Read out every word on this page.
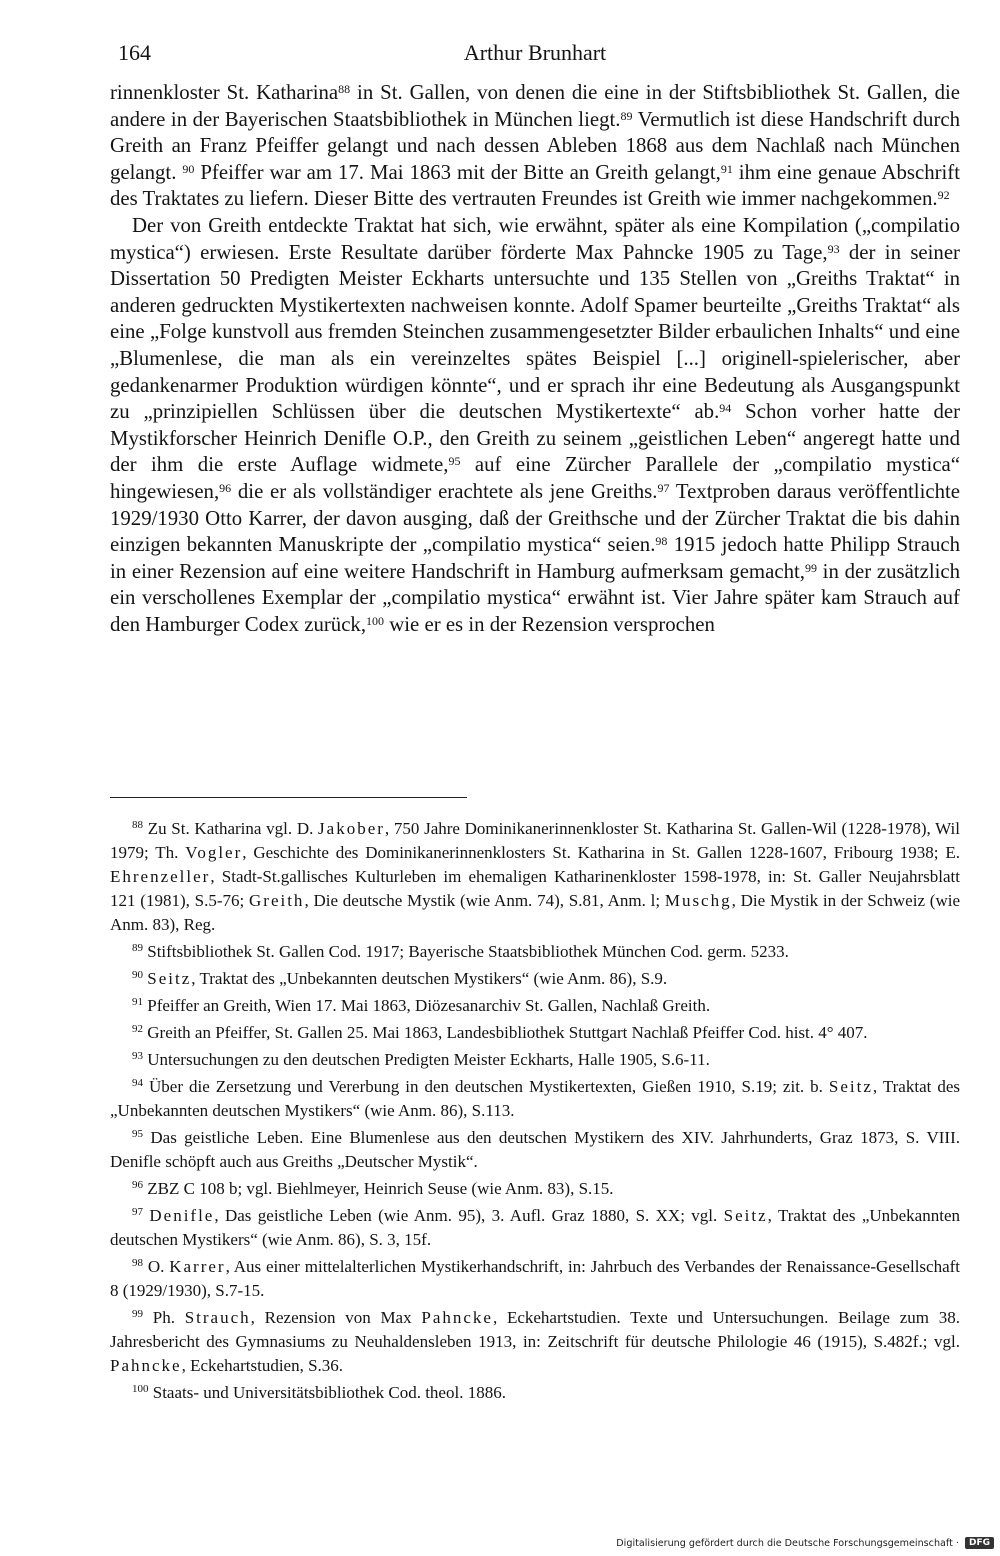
164	Arthur Brunhart

rinnenkloster St. Katharina$^{88}$ in St. Gallen, von denen die eine in der Stiftsbibliothek St. Gallen, die andere in der Bayerischen Staatsbibliothek in München liegt.$^{89}$ Vermutlich ist diese Handschrift durch Greith an Franz Pfeiffer gelangt und nach dessen Ableben 1868 aus dem Nachlaß nach München gelangt. $^{90}$ Pfeiffer war am 17. Mai 1863 mit der Bitte an Greith gelangt,$^{91}$ ihm eine genaue Abschrift des Traktates zu liefern. Dieser Bitte des vertrauten Freundes ist Greith wie immer nachgekommen.$^{92}$

Der von Greith entdeckte Traktat hat sich, wie erwähnt, später als eine Kompilation („compilatio mystica“) erwiesen. Erste Resultate darüber förderte Max Pahncke 1905 zu Tage,$^{93}$ der in seiner Dissertation 50 Predigten Meister Eckharts untersuchte und 135 Stellen von „Greiths Traktat“ in anderen gedruckten Mystikertexten nachweisen konnte. Adolf Spamer beurteilte „Greiths Traktat“ als eine „Folge kunstvoll aus fremden Steinchen zusammengesetzter Bilder erbaulichen Inhalts“ und eine „Blumenlese, die man als ein vereinzeltes spätes Beispiel [...] originell-spielerischer, aber gedankenarmer Produktion würdigen könnte“, und er sprach ihr eine Bedeutung als Ausgangspunkt zu „prinzipiellen Schlüssen über die deutschen Mystikertexte“ ab.$^{94}$ Schon vorher hatte der Mystikforscher Heinrich Denifle O.P., den Greith zu seinem „geistlichen Leben“ angeregt hatte und der ihm die erste Auflage widmete,$^{95}$ auf eine Zürcher Parallele der „compilatio mystica“ hingewiesen,$^{96}$ die er als vollständiger erachtete als jene Greiths.$^{97}$ Textproben daraus veröffentlichte 1929/1930 Otto Karrer, der davon ausging, daß der Greithsche und der Zürcher Traktat die bis dahin einzigen bekannten Manuskripte der „compilatio mystica“ seien.$^{98}$ 1915 jedoch hatte Philipp Strauch in einer Rezension auf eine weitere Handschrift in Hamburg aufmerksam gemacht,$^{99}$ in der zusätzlich ein verschollenes Exemplar der „compilatio mystica“ erwähnt ist. Vier Jahre später kam Strauch auf den Hamburger Codex zurück,$^{100}$ wie er es in der Rezension versprochen

$^{88}$ Zu St. Katharina vgl. D. Jakober, 750 Jahre Dominikanerinnenkloster St. Katharina St. Gallen-Wil (1228-1978), Wil 1979; Th. Vogler, Geschichte des Dominikanerinnenklosters St. Katharina in St. Gallen 1228-1607, Fribourg 1938; E. Ehrenzeller, Stadt-St.gallisches Kulturleben im ehemaligen Katharinenkloster 1598-1978, in: St. Galler Neujahrsblatt 121 (1981), S.5-76; Greith, Die deutsche Mystik (wie Anm. 74), S.81, Anm. l; Muschg, Die Mystik in der Schweiz (wie Anm. 83), Reg.

$^{89}$ Stiftsbibliothek St. Gallen Cod. 1917; Bayerische Staatsbibliothek München Cod. germ. 5233.

$^{90}$ Seitz, Traktat des „Unbekannten deutschen Mystikers“ (wie Anm. 86), S.9.

$^{91}$ Pfeiffer an Greith, Wien 17. Mai 1863, Diözesanarchiv St. Gallen, Nachlaß Greith.

$^{92}$ Greith an Pfeiffer, St. Gallen 25. Mai 1863, Landesbibliothek Stuttgart Nachlaß Pfeiffer Cod. hist. 4° 407.

$^{93}$ Untersuchungen zu den deutschen Predigten Meister Eckharts, Halle 1905, S.6-11.

$^{94}$ Über die Zersetzung und Vererbung in den deutschen Mystikertexten, Gießen 1910, S.19; zit. b. Seitz, Traktat des „Unbekannten deutschen Mystikers“ (wie Anm. 86), S.113.

$^{95}$ Das geistliche Leben. Eine Blumenlese aus den deutschen Mystikern des XIV. Jahrhunderts, Graz 1873, S. VIII. Denifle schöpft auch aus Greiths „Deutscher Mystik“.

$^{96}$ ZBZ C 108 b; vgl. Biehlmeyer, Heinrich Seuse (wie Anm. 83), S.15.

$^{97}$ Denifle, Das geistliche Leben (wie Anm. 95), 3. Aufl. Graz 1880, S. XX; vgl. Seitz, Traktat des „Unbekannten deutschen Mystikers“ (wie Anm. 86), S. 3, 15f.

$^{98}$ O. Karrer, Aus einer mittelalterlichen Mystikerhandschrift, in: Jahrbuch des Verbandes der Renaissance-Gesellschaft 8 (1929/1930), S.7-15.

$^{99}$ Ph. Strauch, Rezension von Max Pahncke, Eckehartstudien. Texte und Untersuchungen. Beilage zum 38. Jahresbericht des Gymnasiums zu Neuhaldensleben 1913, in: Zeitschrift für deutsche Philologie 46 (1915), S.482f.; vgl. Pahncke, Eckehartstudien, S.36.

$^{100}$ Staats- und Universitätsbibliothek Cod. theol. 1886.

Digitalisierung gefördert durch die Deutsche Forschungsgemeinschaft ·	DFG
